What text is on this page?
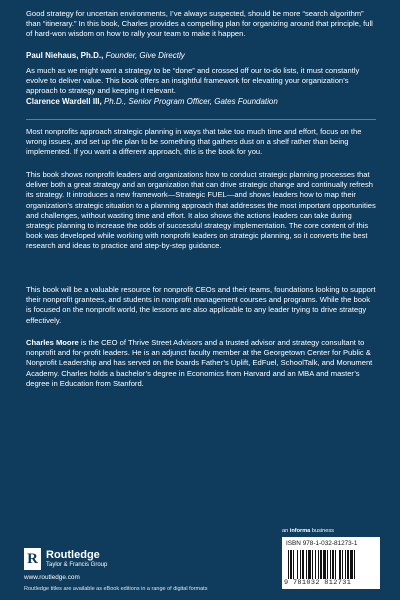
Good strategy for uncertain environments, I’ve always suspected, should be more “search algorithm” than “itinerary.” In this book, Charles provides a compelling plan for organizing around that principle, full of hard-won wisdom on how to rally your team to make it happen.

Paul Niehaus, Ph.D., Founder, Give Directly

As much as we might want a strategy to be “done” and crossed off our to-do lists, it must constantly evolve to deliver value. This book offers an insightful framework for elevating your organization’s approach to strategy and keeping it relevant.

Clarence Wardell III, Ph.D., Senior Program Officer, Gates Foundation

Most nonprofits approach strategic planning in ways that take too much time and effort, focus on the wrong issues, and set up the plan to be something that gathers dust on a shelf rather than being implemented. If you want a different approach, this is the book for you.

This book shows nonprofit leaders and organizations how to conduct strategic planning processes that deliver both a great strategy and an organization that can drive strategic change and continually refresh its strategy. It introduces a new framework—Strategic FUEL—and shows leaders how to map their organization’s strategic situation to a planning approach that addresses the most important opportunities and challenges, without wasting time and effort. It also shows the actions leaders can take during strategic planning to increase the odds of successful strategy implementation. The core content of this book was developed while working with nonprofit leaders on strategic planning, so it converts the best research and ideas to practice and step-by-step guidance.

This book will be a valuable resource for nonprofit CEOs and their teams, foundations looking to support their nonprofit grantees, and students in nonprofit management courses and programs. While the book is focused on the nonprofit world, the lessons are also applicable to any leader trying to drive strategy effectively.

Charles Moore is the CEO of Thrive Street Advisors and a trusted advisor and strategy consultant to nonprofit and for-profit leaders. He is an adjunct faculty member at the Georgetown Center for Public & Nonprofit Leadership and has served on the boards Father’s Uplift, EdFuel, SchoolTalk, and Monument Academy. Charles holds a bachelor’s degree in Economics from Harvard and an MBA and master’s degree in Education from Stanford.

R Routledge
Taylor & Francis Group
www.routledge.com
Routledge titles are available as eBook editions in a range of digital formats
an informa business
ISBN 978-1-032-81273-1
9 781032 812731
